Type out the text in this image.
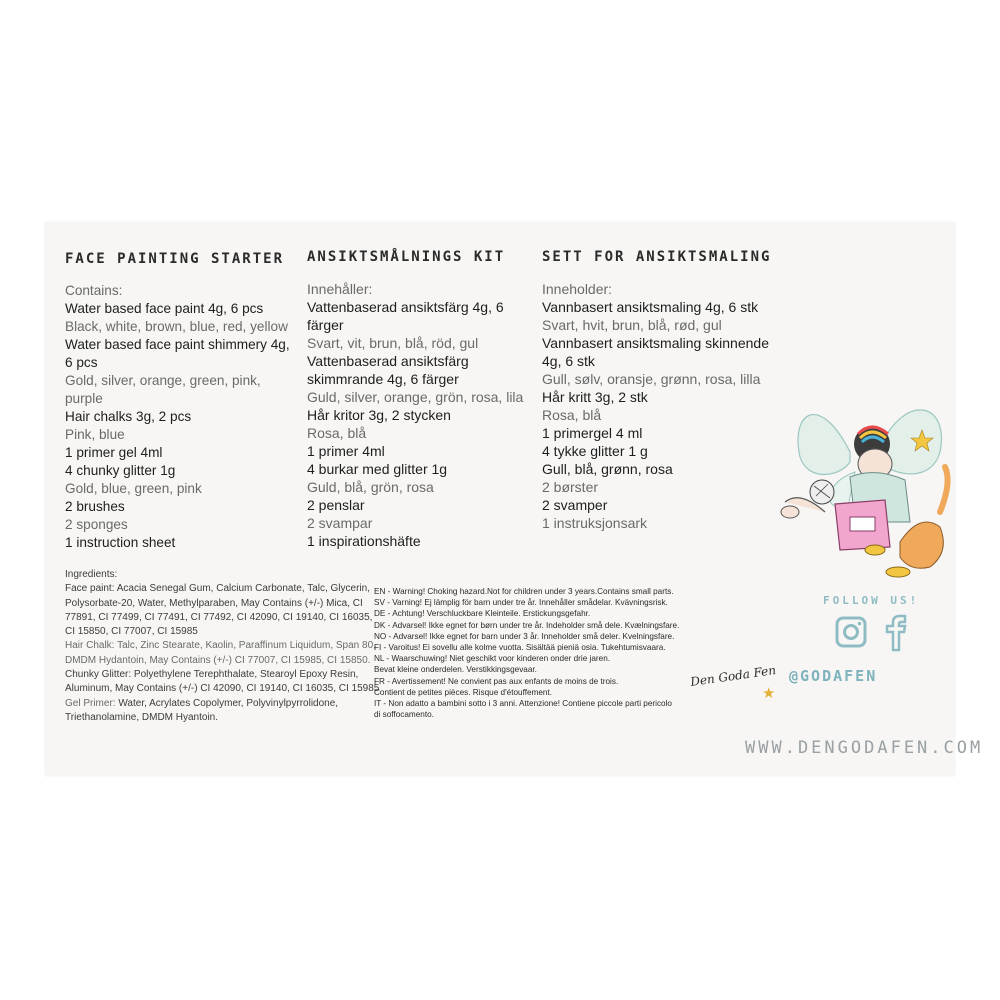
FACE PAINTING STARTER
Contains:
Water based face paint 4g, 6 pcs
Black, white, brown, blue, red, yellow
Water based face paint shimmery 4g,
6 pcs
Gold, silver, orange, green, pink,
purple
Hair chalks 3g, 2 pcs
Pink, blue
1 primer gel 4ml
4 chunky glitter 1g
Gold, blue, green, pink
2 brushes
2 sponges
1 instruction sheet
ANSIKTSMÅLNINGS KIT
Innehåller:
Vattenbaserad ansiktsfärg 4g, 6
färger
Svart, vit, brun, blå, röd, gul
Vattenbaserad ansiktsfärg
skimmrande 4g, 6 färger
Guld, silver, orange, grön, rosa, lila
Hår kritor 3g, 2 stycken
Rosa, blå
1 primer 4ml
4 burkar med glitter 1g
Guld, blå, grön, rosa
2 penslar
2 svampar
1 inspirationshäfte
SETT FOR ANSIKTSMALING
Inneholder:
Vannbasert ansiktsmaling 4g, 6 stk
Svart, hvit, brun, blå, rød, gul
Vannbasert ansiktsmaling skinnende
4g, 6 stk
Gull, sølv, oransje, grønn, rosa, lilla
Hår kritt 3g, 2 stk
Rosa, blå
1 primergel 4 ml
4 tykke glitter 1 g
Gull, blå, grønn, rosa
2 børster
2 svamper
1 instruksjonsark

Ingredients:

Face paint: Acacia Senegal Gum, Calcium Carbonate, Talc, Glycerin, Polysorbate-20, Water, Methylparaben, May Contains (+/-) Mica, CI 77891, CI 77499, CI 77491, CI 77492, CI 42090, CI 19140, CI 16035, CI 15850, CI 77007, CI 15985

Hair Chalk: Talc, Zinc Stearate, Kaolin, Paraffinum Liquidum, Span 80, DMDM Hydantoin, May Contains (+/-) CI 77007, CI 15985, CI 15850.

Chunky Glitter: Polyethylene Terephthalate, Stearoyl Epoxy Resin, Aluminum, May Contains (+/-) CI 42090, CI 19140, CI 16035, CI 15985

Gel Primer: Water, Acrylates Copolymer, Polyvinylpyrrolidone, Triethanolamine, DMDM Hyantoin.

EN - Warning! Choking hazard.Not for children under 3 years.Contains small parts.

SV - Varning! Ej lämplig för barn under tre år. Innehåller smådelar. Kvävningsrisk.

DE - Achtung! Verschluckbare Kleinteile. Erstickungsgefahr.

DK - Advarsel! Ikke egnet for børn under tre år. Indeholder små dele. Kvælningsfare.

NO - Advarsel! Ikke egnet for barn under 3 år. Inneholder små deler. Kvelningsfare.

FI - Varoitus! Ei sovellu alle kolme vuotta. Sisältää pieniä osia. Tukehtumisvaara.

NL - Waarschuwing! Niet geschikt voor kinderen onder drie jaren.

Bevat kleine onderdelen. Verstikkingsgevaar.

FR - Avertissement! Ne convient pas aux enfants de moins de trois.

Contient de petites pièces. Risque d'étouffement.

IT - Non adatto a bambini sotto i 3 anni. Attenzione! Contiene piccole parti pericolo

di soffocamento.

FOLLOW US!
Den Goda Fen
★
@GODAFEN
WWW.DENGODAFEN.COM
